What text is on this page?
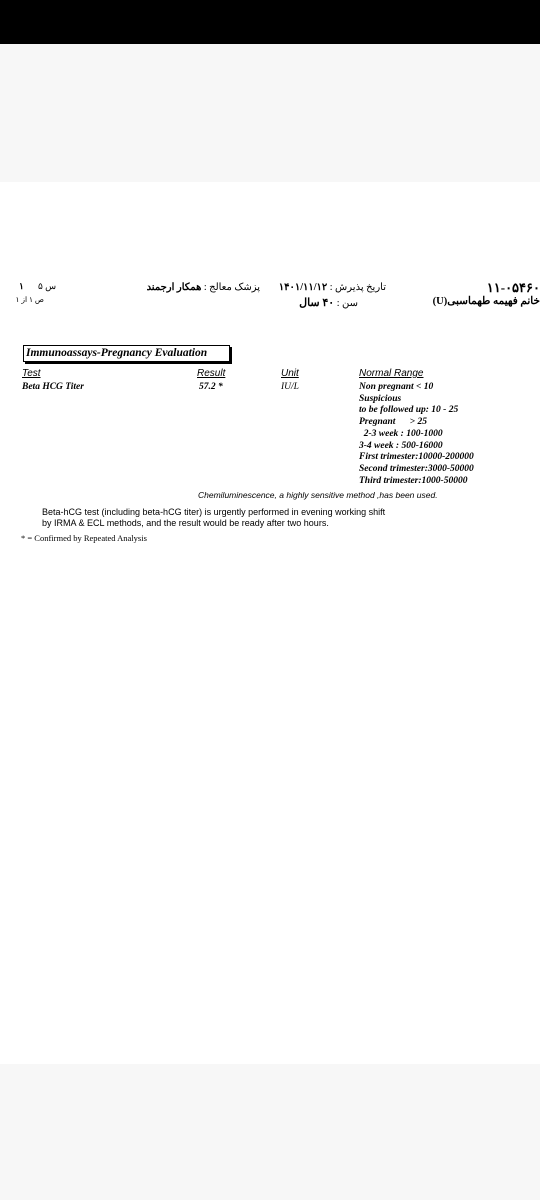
س ۵
۱
ص ۱ از ۱
پزشک معالج : همکار ارجمند	تاریخ پذیرش : ۱۴۰۱/۱۱/۱۲
سن : ۴۰ سال
۱۱-۰۵۴۶۰
خانم فهیمه طهماسبی(U)
Immunoassays-Pregnancy Evaluation
Test	Result	Unit	Normal Range
Beta HCG Titer	57.2 *	IU/L	Non pregnant < 10
Suspicious
to be followed up: 10 - 25
Pregnant      > 25
2-3 week : 100-1000
3-4 week : 500-16000
First trimester:10000-200000
Second trimester:3000-50000
Third trimester:1000-50000
Chemiluminescence, a highly sensitive method ,has been used.
Beta-hCG test (including beta-hCG titer) is urgently performed in evening working shift
by IRMA & ECL methods, and the result would be ready after two hours.
* = Confirmed by Repeated Analysis
